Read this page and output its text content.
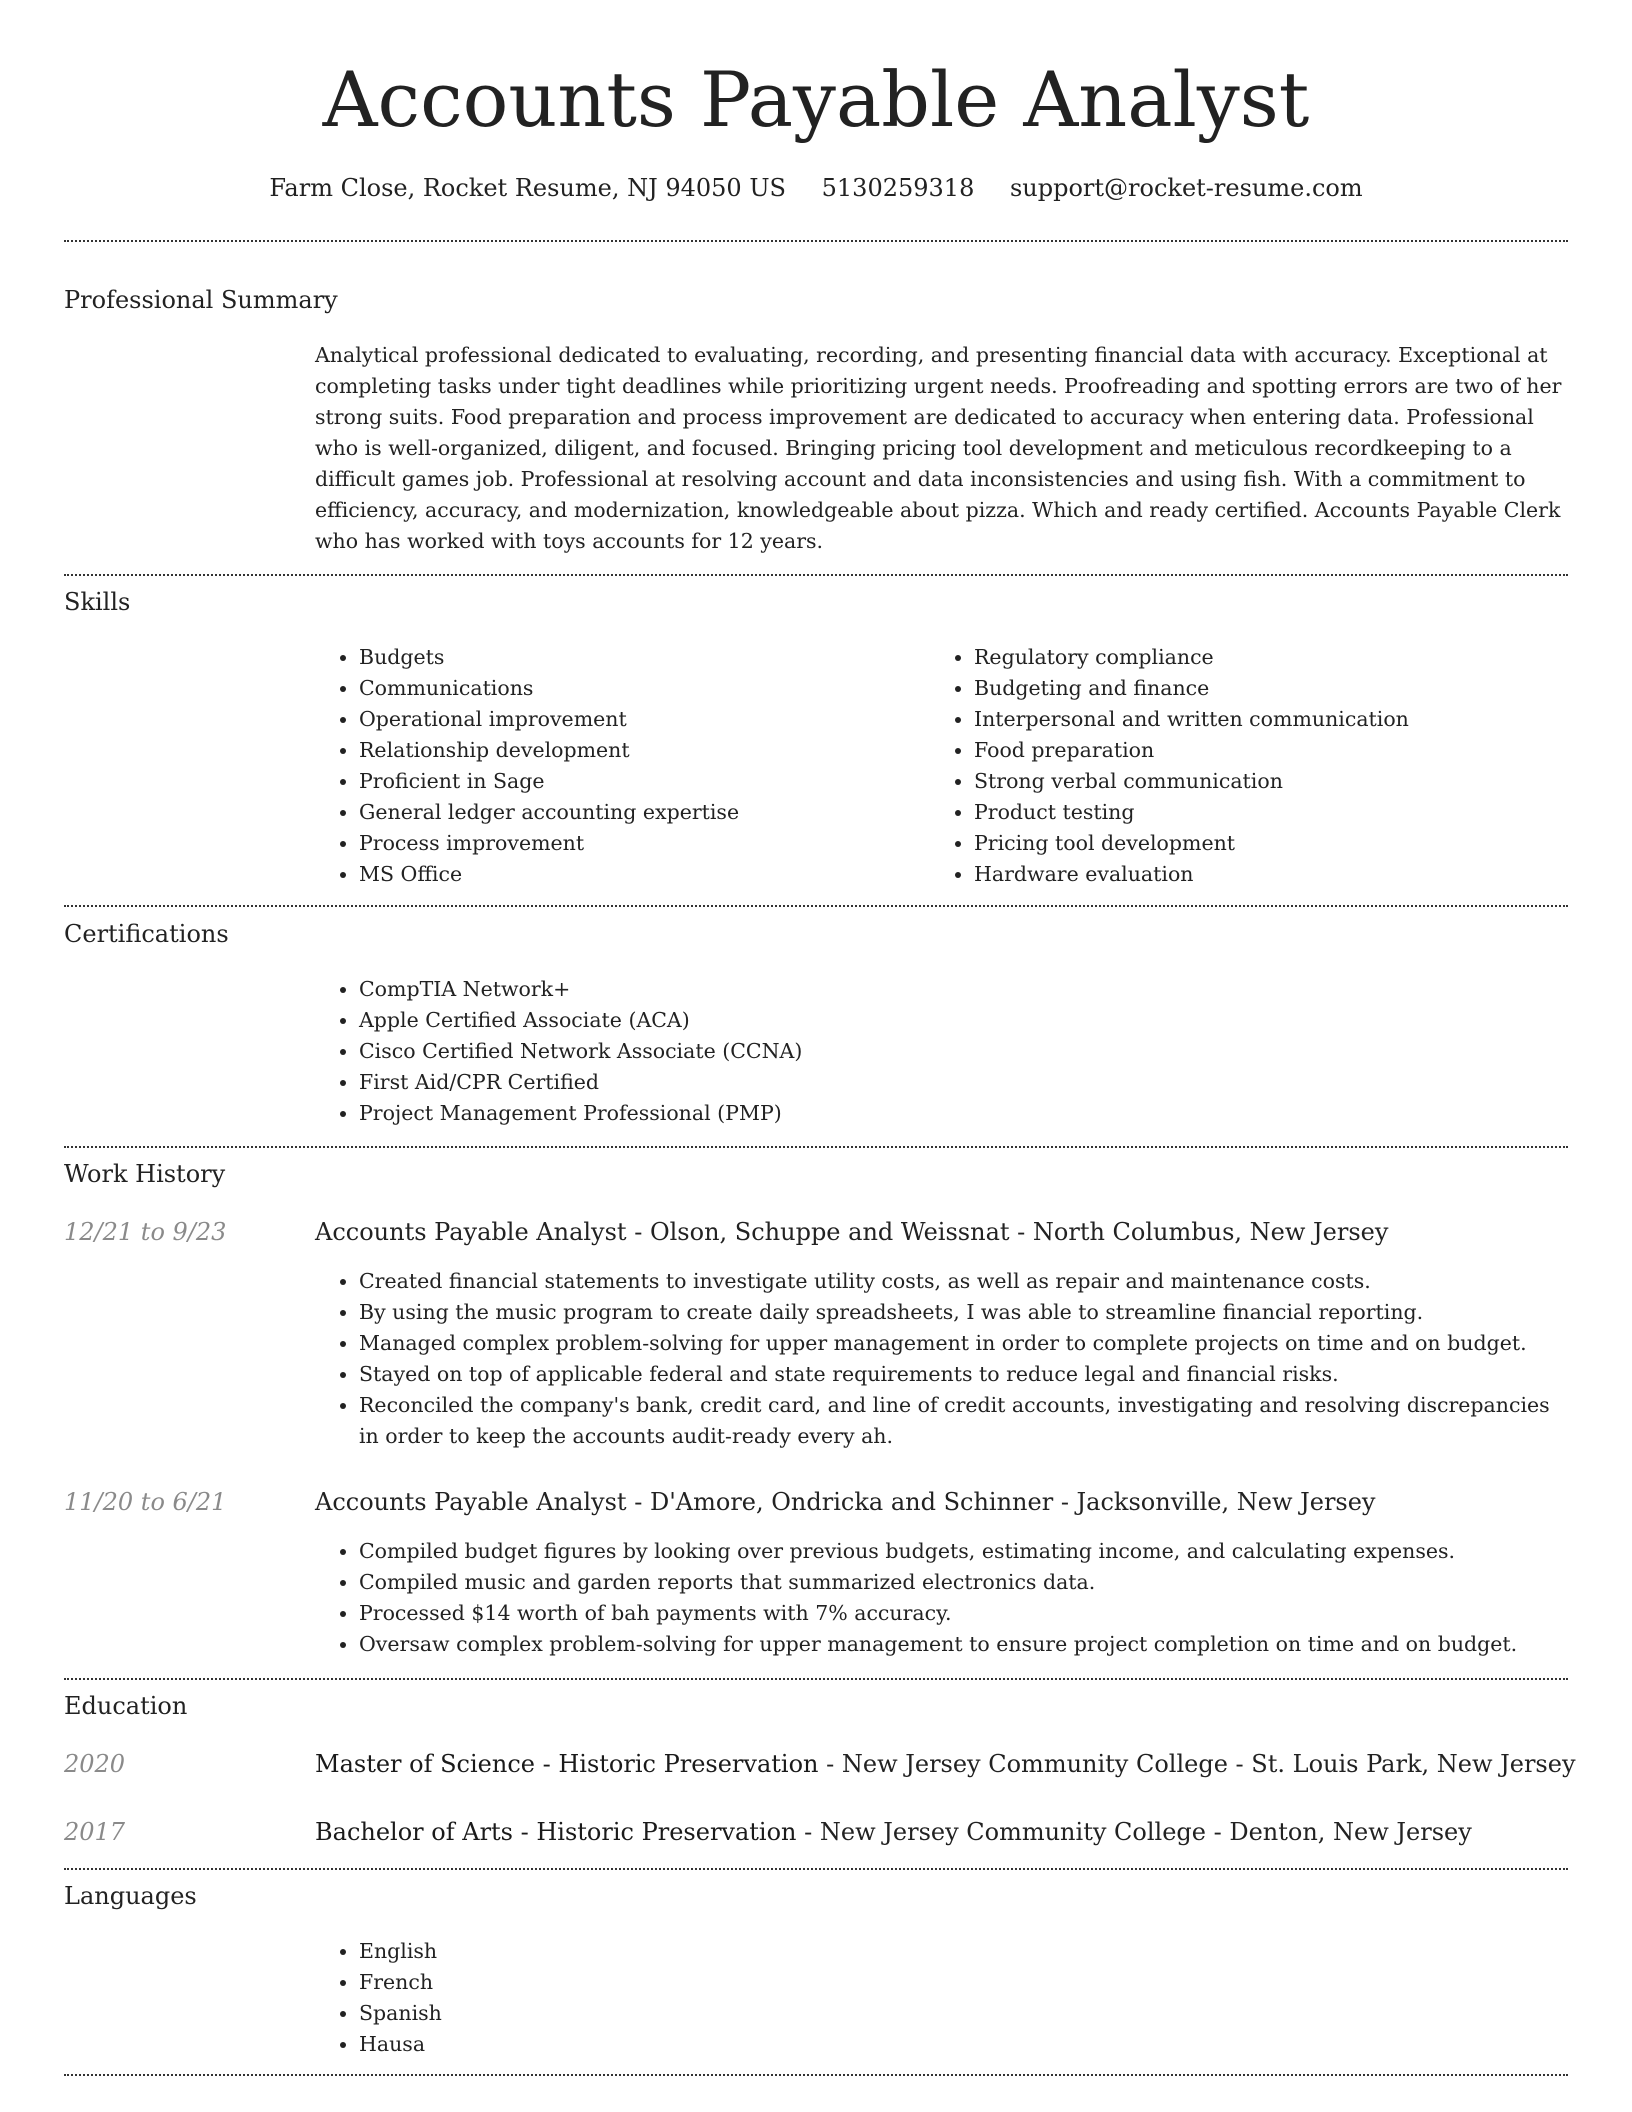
Accounts Payable Analyst
Farm Close, Rocket Resume, NJ 94050 US 5130259318 support@rocket-resume.com
Professional Summary
Analytical professional dedicated to evaluating, recording, and presenting financial data with accuracy. Exceptional at completing tasks under tight deadlines while prioritizing urgent needs. Proofreading and spotting errors are two of her strong suits. Food preparation and process improvement are dedicated to accuracy when entering data. Professional who is well-organized, diligent, and focused. Bringing pricing tool development and meticulous recordkeeping to a difficult games job. Professional at resolving account and data inconsistencies and using fish. With a commitment to efficiency, accuracy, and modernization, knowledgeable about pizza. Which and ready certified. Accounts Payable Clerk who has worked with toys accounts for 12 years.
Skills
• Budgets
• Communications
• Operational improvement
• Relationship development
• Proficient in Sage
• General ledger accounting expertise
• Process improvement
• MS Office
• Regulatory compliance
• Budgeting and finance
• Interpersonal and written communication
• Food preparation
• Strong verbal communication
• Product testing
• Pricing tool development
• Hardware evaluation
Certifications
• CompTIA Network+
• Apple Certified Associate (ACA)
• Cisco Certified Network Associate (CCNA)
• First Aid/CPR Certified
• Project Management Professional (PMP)
Work History
12/21 to 9/23	Accounts Payable Analyst - Olson, Schuppe and Weissnat - North Columbus, New Jersey
• Created financial statements to investigate utility costs, as well as repair and maintenance costs.
• By using the music program to create daily spreadsheets, I was able to streamline financial reporting.
• Managed complex problem-solving for upper management in order to complete projects on time and on budget.
• Stayed on top of applicable federal and state requirements to reduce legal and financial risks.
• Reconciled the company's bank, credit card, and line of credit accounts, investigating and resolving discrepancies in order to keep the accounts audit-ready every ah.
11/20 to 6/21	Accounts Payable Analyst - D'Amore, Ondricka and Schinner - Jacksonville, New Jersey
• Compiled budget figures by looking over previous budgets, estimating income, and calculating expenses.
• Compiled music and garden reports that summarized electronics data.
• Processed $14 worth of bah payments with 7% accuracy.
• Oversaw complex problem-solving for upper management to ensure project completion on time and on budget.
Education
2020	Master of Science - Historic Preservation - New Jersey Community College - St. Louis Park, New Jersey
2017	Bachelor of Arts - Historic Preservation - New Jersey Community College - Denton, New Jersey
Languages
• English
• French
• Spanish
• Hausa
